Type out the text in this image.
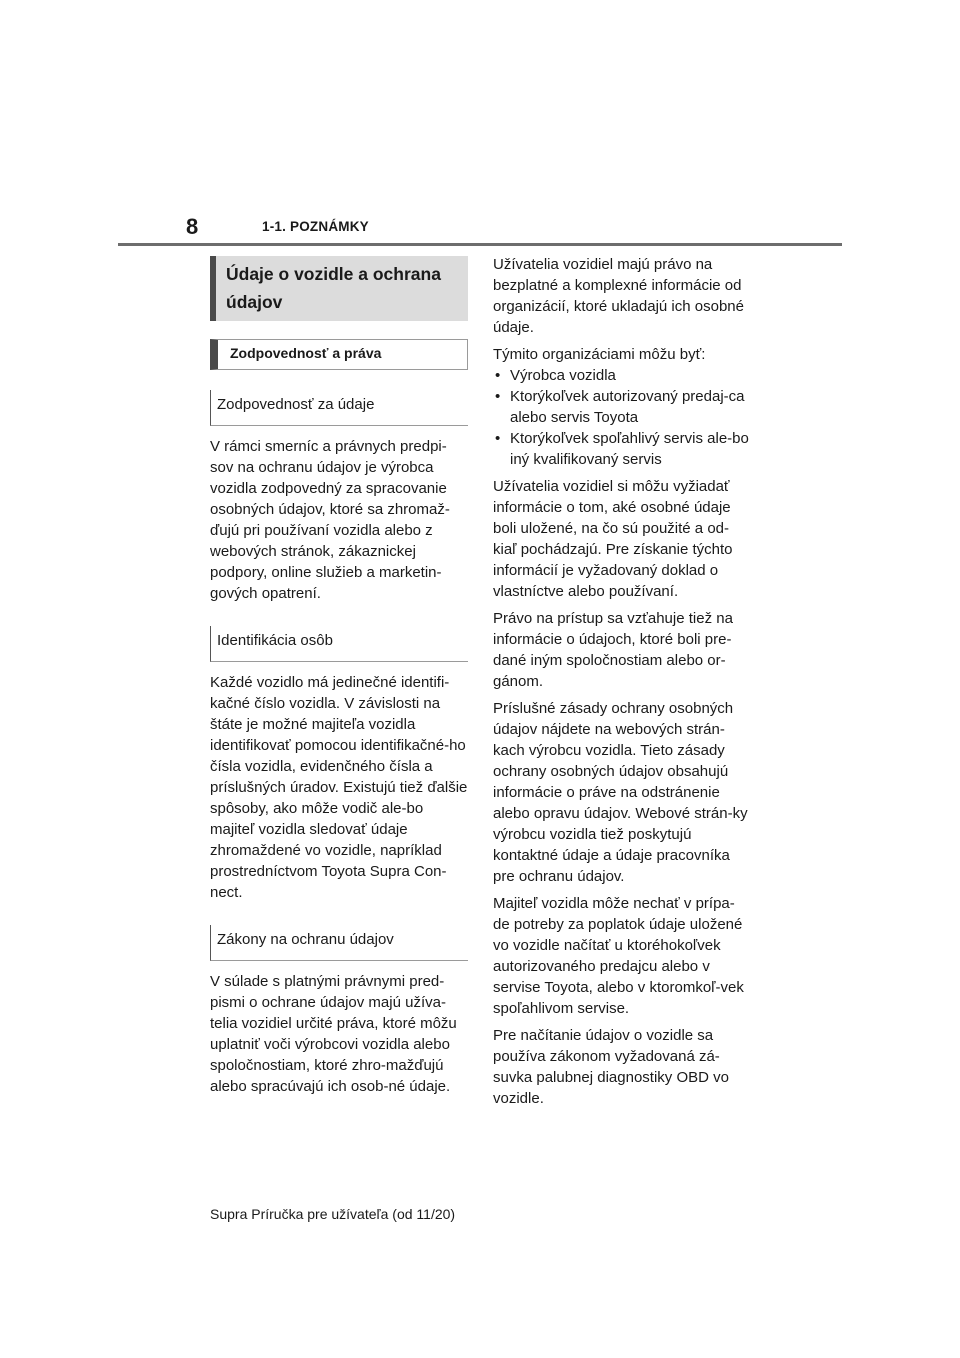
8	1-1. POZNÁMKY
Údaje o vozidle a ochrana údajov
Zodpovednosť a práva
Zodpovednosť za údaje

V rámci smerníc a právnych predpi-sov na ochranu údajov je výrobca vozidla zodpovedný za spracovanie osobných údajov, ktoré sa zhromaž-ďujú pri používaní vozidla alebo z webových stránok, zákaznickej podpory, online služieb a marketin-gových opatrení.

Identifikácia osôb

Každé vozidlo má jedinečné identifi-kačné číslo vozidla. V závislosti na štáte je možné majiteľa vozidla identifikovať pomocou identifikačné-ho čísla vozidla, evidenčného čísla a príslušných úradov. Existujú tiež ďalšie spôsoby, ako môže vodič ale-bo majiteľ vozidla sledovať údaje zhromaždené vo vozidle, napríklad prostredníctvom Toyota Supra Con-nect.

Zákony na ochranu údajov

V súlade s platnými právnymi pred-pismi o ochrane údajov majú užíva-telia vozidiel určité práva, ktoré môžu uplatniť voči výrobcovi vozidla alebo spoločnostiam, ktoré zhro-mažďujú alebo spracúvajú ich osob-né údaje.

Užívatelia vozidiel majú právo na bezplatné a komplexné informácie od organizácií, ktoré ukladajú ich osobné údaje.

Týmito organizáciami môžu byť:

• Výrobca vozidla
• Ktorýkoľvek autorizovaný predaj-ca alebo servis Toyota
• Ktorýkoľvek spoľahlivý servis ale-bo iný kvalifikovaný servis

Užívatelia vozidiel si môžu vyžiadať informácie o tom, aké osobné údaje boli uložené, na čo sú použité a od-kiaľ pochádzajú. Pre získanie týchto informácií je vyžadovaný doklad o vlastníctve alebo používaní.

Právo na prístup sa vzťahuje tiež na informácie o údajoch, ktoré boli pre-dané iným spoločnostiam alebo or-gánom.

Príslušné zásady ochrany osobných údajov nájdete na webových strán-kach výrobcu vozidla. Tieto zásady ochrany osobných údajov obsahujú informácie o práve na odstránenie alebo opravu údajov. Webové strán-ky výrobcu vozidla tiež poskytujú kontaktné údaje a údaje pracovníka pre ochranu údajov.

Majiteľ vozidla môže nechať v prípa-de potreby za poplatok údaje uložené vo vozidle načítať u ktoréhokoľvek autorizovaného predajcu alebo v servise Toyota, alebo v ktoromkoľ-vek spoľahlivom servise.

Pre načítanie údajov o vozidle sa používa zákonom vyžadovaná zá-suvka palubnej diagnostiky OBD vo vozidle.

Supra Príručka pre užívateľa (od 11/20)
